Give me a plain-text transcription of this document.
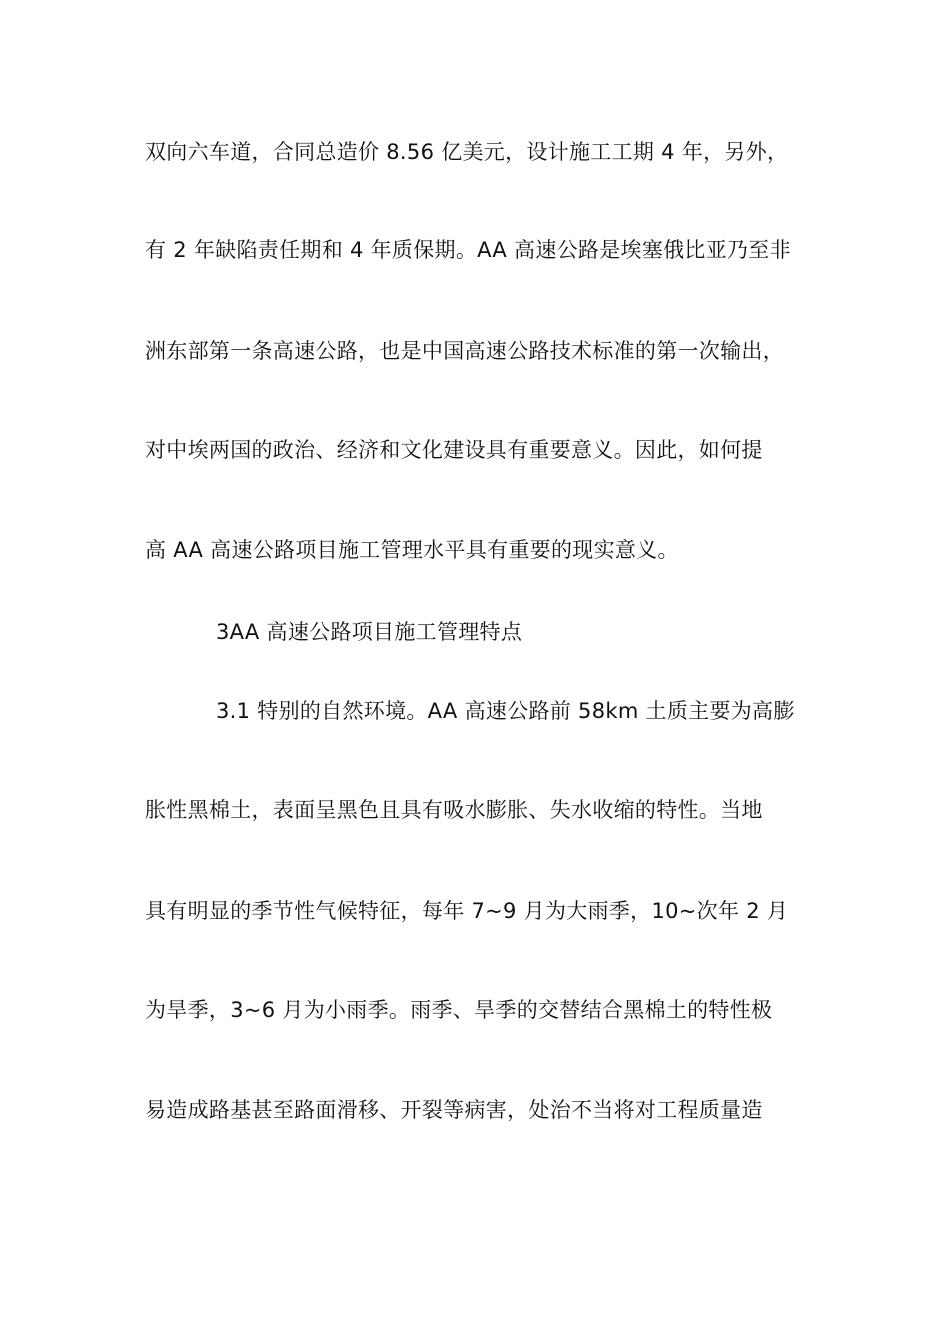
双向六车道，合同总造价 8.56 亿美元，设计施工工期 4 年，另外，
有 2 年缺陷责任期和 4 年质保期。AA 高速公路是埃塞俄比亚乃至非
洲东部第一条高速公路，也是中国高速公路技术标准的第一次输出，
对中埃两国的政治、经济和文化建设具有重要意义。因此，如何提
高 AA 高速公路项目施工管理水平具有重要的现实意义。
3AA 高速公路项目施工管理特点
3.1 特别的自然环境。AA 高速公路前 58km 土质主要为高膨
胀性黑棉土，表面呈黑色且具有吸水膨胀、失水收缩的特性。当地
具有明显的季节性气候特征，每年 7~9 月为大雨季，10~次年 2 月
为旱季，3~6 月为小雨季。雨季、旱季的交替结合黑棉土的特性极
易造成路基甚至路面滑移、开裂等病害，处治不当将对工程质量造
